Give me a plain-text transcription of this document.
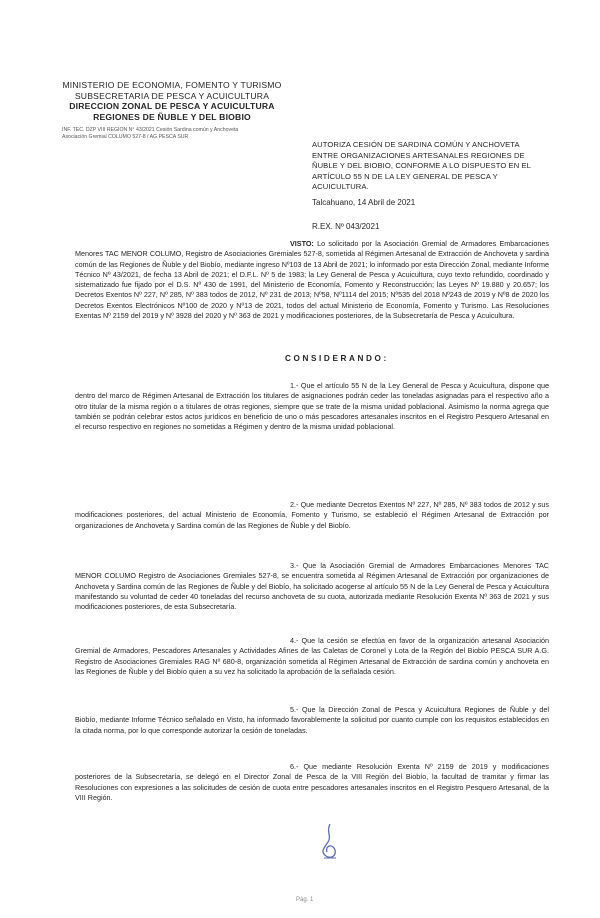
MINISTERIO DE ECONOMIA, FOMENTO Y TURISMO
SUBSECRETARIA DE PESCA Y ACUICULTURA
DIRECCION ZONAL DE PESCA Y ACUICULTURA
REGIONES DE ÑUBLE Y DEL BIOBIO
INF. TEC. DZP VIII REGION N° 43/2021 Cesión Sardina común y Anchoveta
Asociación Gremial COLUMO 527-8 / AG PESCA SUR
AUTORIZA CESIÓN DE SARDINA COMÚN Y ANCHOVETA ENTRE ORGANIZACIONES ARTESANALES REGIONES DE ÑUBLE Y DEL BIOBIO, CONFORME A LO DISPUESTO EN EL ARTÍCULO 55 N DE LA LEY GENERAL DE PESCA Y ACUICULTURA.
Talcahuano, 14 Abril de 2021
R.EX. Nº 043/2021

VISTO: Lo solicitado por la Asociación Gremial de Armadores Embarcaciones Menores TAC MENOR COLUMO, Registro de Asociaciones Gremiales 527-8, sometida al Régimen Artesanal de Extracción de Anchoveta y sardina común de las Regiones de Ñuble y del Biobío, mediante ingreso Nº103 de 13 Abril de 2021; lo informado por esta Dirección Zonal, mediante Informe Técnico Nº 43/2021, de fecha 13 Abril de 2021; el D.F.L. Nº 5 de 1983; la Ley General de Pesca y Acuicultura, cuyo texto refundido, coordinado y sistematizado fue fijado por el D.S. Nº 430 de 1991, del Ministerio de Economía, Fomento y Reconstrucción; las Leyes Nº 19.880 y 20.657; los Decretos Exentos Nº 227, Nº 285, Nº 383 todos de 2012, Nº 231 de 2013; Nº58, Nº1114 del 2015; Nº535 del 2018 Nº243 de 2019 y Nº8 de 2020 los Decretos Exentos Electrónicos Nº100 de 2020 y Nº13 de 2021, todos del actual Ministerio de Economía, Fomento y Turismo. Las Resoluciones Exentas Nº 2159 del 2019 y Nº 3928 del 2020 y Nº 363 de 2021 y modificaciones posteriores, de la Subsecretaría de Pesca y Acuicultura.

CONSIDERANDO:

1.- Que el artículo 55 N de la Ley General de Pesca y Acuicultura, dispone que dentro del marco de Régimen Artesanal de Extracción los titulares de asignaciones podrán ceder las toneladas asignadas para el respectivo año a otro titular de la misma región o a titulares de otras regiones, siempre que se trate de la misma unidad poblacional. Asimismo la norma agrega que también se podrán celebrar estos actos jurídicos en beneficio de uno o más pescadores artesanales inscritos en el Registro Pesquero Artesanal en el recurso respectivo en regiones no sometidas a Régimen y dentro de la misma unidad poblacional.

2.- Que mediante Decretos Exentos Nº 227, Nº 285, Nº 383 todos de 2012 y sus modificaciones posteriores, del actual Ministerio de Economía, Fomento y Turismo, se estableció el Régimen Artesanal de Extracción por organizaciones de Anchoveta y Sardina común de las Regiones de Ñuble y del Biobío.

3.- Que la Asociación Gremial de Armadores Embarcaciones Menores TAC MENOR COLUMO Registro de Asociaciones Gremiales 527-8, se encuentra sometida al Régimen Artesanal de Extracción por organizaciones de Anchoveta y Sardina común de las Regiones de Ñuble y del Biobío, ha solicitado acogerse al artículo 55 N de la Ley General de Pesca y Acuicultura manifestando su voluntad de ceder 40 toneladas del recurso anchoveta de su cuota, autorizada mediante Resolución Exenta Nº 363 de 2021 y sus modificaciones posteriores, de esta Subsecretaría.

4.- Que la cesión se efectúa en favor de la organización artesanal Asociación Gremial de Armadores, Pescadores Artesanales y Actividades Afines de las Caletas de Coronel y Lota de la Región del Biobío PESCA SUR A.G. Registro de Asociaciones Gremiales RAG Nº 680-8, organización sometida al Régimen Artesanal de Extracción de sardina común y anchoveta en las Regiones de Ñuble y del Biobío quien a su vez ha solicitado la aprobación de la señalada cesión.

5.- Que la Dirección Zonal de Pesca y Acuicultura Regiones de Ñuble y del Biobío, mediante Informe Técnico señalado en Visto, ha informado favorablemente la solicitud por cuanto cumple con los requisitos establecidos en la citada norma, por lo que corresponde autorizar la cesión de toneladas.

6.- Que mediante Resolución Exenta Nº 2159 de 2019 y modificaciones posteriores de la Subsecretaría, se delegó en el Director Zonal de Pesca de la VIII Región del Biobío, la facultad de tramitar y firmar las Resoluciones con expresiones a las solicitudes de cesión de cuota entre pescadores artesanales inscritos en el Registro Pesquero Artesanal, de la VIII Región.

Pág. 1
